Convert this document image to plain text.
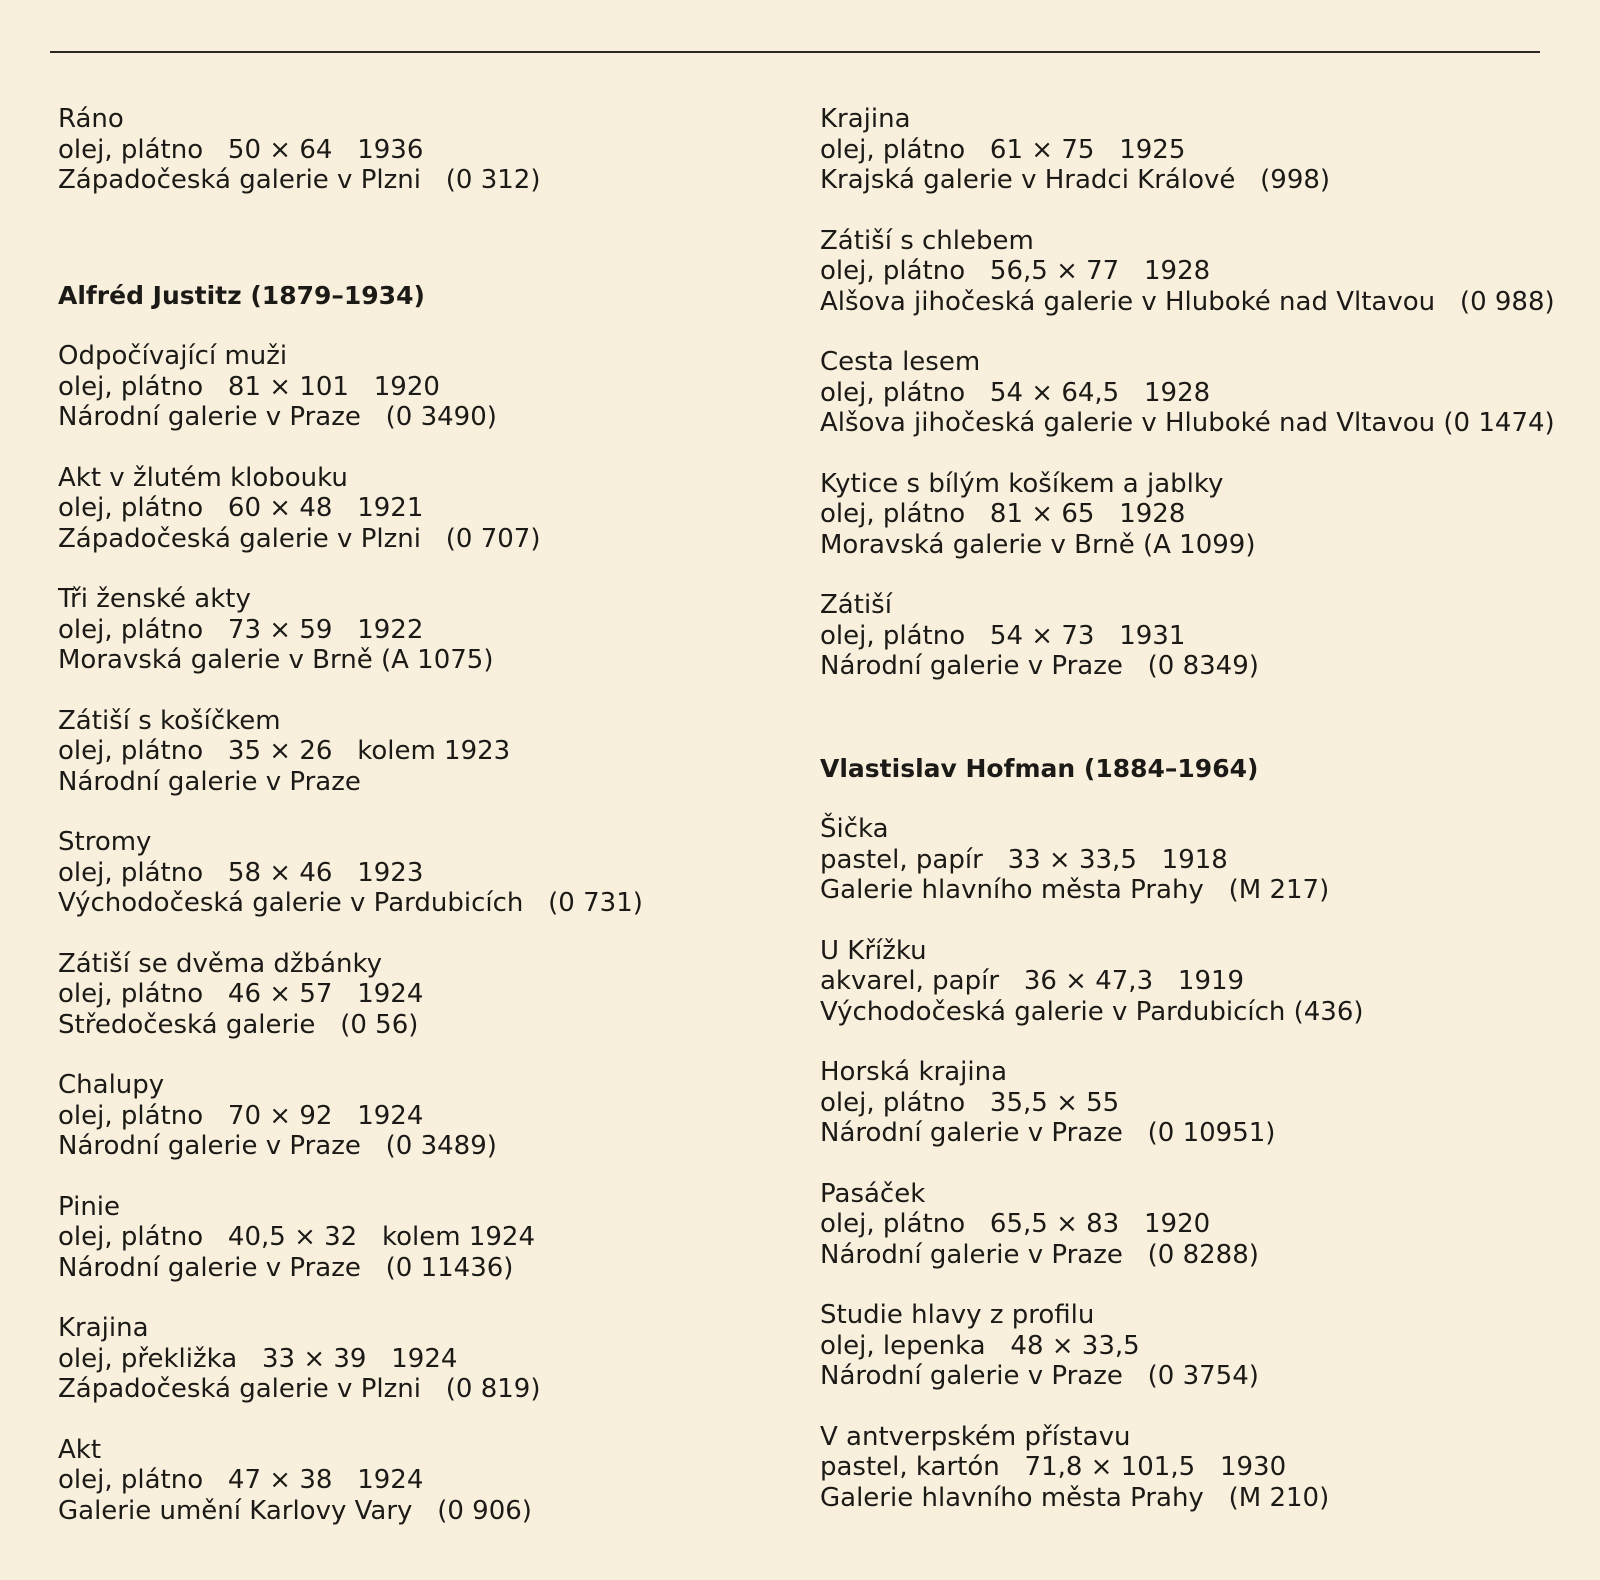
Ráno
olej, plátno   50 × 64   1936
Západočeská galerie v Plzni   (0 312)
Alfréd Justitz (1879–1934)
Odpočívající muži
olej, plátno   81 × 101   1920
Národní galerie v Praze   (0 3490)
Akt v žlutém klobouku
olej, plátno   60 × 48   1921
Západočeská galerie v Plzni   (0 707)
Tři ženské akty
olej, plátno   73 × 59   1922
Moravská galerie v Brně (A 1075)
Zátiší s košíčkem
olej, plátno   35 × 26   kolem 1923
Národní galerie v Praze
Stromy
olej, plátno   58 × 46   1923
Východočeská galerie v Pardubicích   (0 731)
Zátiší se dvěma džbánky
olej, plátno   46 × 57   1924
Středočeská galerie   (0 56)
Chalupy
olej, plátno   70 × 92   1924
Národní galerie v Praze   (0 3489)
Pinie
olej, plátno   40,5 × 32   kolem 1924
Národní galerie v Praze   (0 11436)
Krajina
olej, překližka   33 × 39   1924
Západočeská galerie v Plzni   (0 819)
Akt
olej, plátno   47 × 38   1924
Galerie umění Karlovy Vary   (0 906)
Krajina
olej, plátno   61 × 75   1925
Krajská galerie v Hradci Králové   (998)
Zátiší s chlebem
olej, plátno   56,5 × 77   1928
Alšova jihočeská galerie v Hluboké nad Vltavou   (0 988)
Cesta lesem
olej, plátno   54 × 64,5   1928
Alšova jihočeská galerie v Hluboké nad Vltavou (0 1474)
Kytice s bílým košíkem a jablky
olej, plátno   81 × 65   1928
Moravská galerie v Brně (A 1099)
Zátiší
olej, plátno   54 × 73   1931
Národní galerie v Praze   (0 8349)
Vlastislav Hofman (1884–1964)
Šička
pastel, papír   33 × 33,5   1918
Galerie hlavního města Prahy   (M 217)
U Křížku
akvarel, papír   36 × 47,3   1919
Východočeská galerie v Pardubicích (436)
Horská krajina
olej, plátno   35,5 × 55
Národní galerie v Praze   (0 10951)
Pasáček
olej, plátno   65,5 × 83   1920
Národní galerie v Praze   (0 8288)
Studie hlavy z profilu
olej, lepenka   48 × 33,5
Národní galerie v Praze   (0 3754)
V antverpském přístavu
pastel, kartón   71,8 × 101,5   1930
Galerie hlavního města Prahy   (M 210)
